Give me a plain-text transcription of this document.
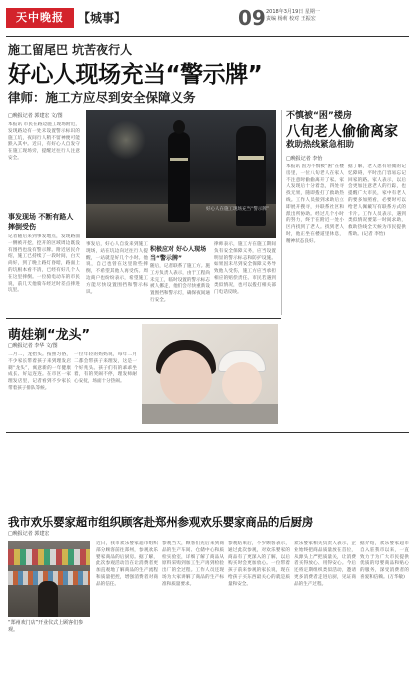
天中晚报	【城事】	09 2018年3月19日 星期一
责编 杨莉 校对 王振宏
施工留尾巴 坑苦夜行人
好心人现场充当“警示牌”
律师：施工方应尽到安全保障义务
□晚报记者 郭建宏 文/图
本报讯 市民在路边施工现场附近，发现路边有一处未设置警示标识的施工坑，夜间行人稍不留神便可能跌入其中。近日，有好心人自发守在施工现场旁，提醒过往行人注意安全。
事发现场 不断有路人摔倒受伤
记者随后来到事发地点，发现路面一侧被开挖，挖开的区域周边既没有围挡也没有警示牌。附近居民介绍，施工已持续了一段时间，白天尚好，到了晚上路灯昏暗，路面上的坑根本看不清，已经有好几个人在这里摔倒。一位骑电动车的市民说，前几天他骑车经过时差点摔进坑里。
好心人在施工现场充当“警示牌”
事发后，好心人自发来到施工现场，站在坑边向过往行人提醒，一站就是好几个小时。他说，自己也曾在这里险些摔倒，不希望其他人再受伤。周边商户也纷纷表示，希望施工方能尽快设置围挡和警示标识。
积极应对 好心人现场当“警示牌”
随后，记者联系了施工方。施工方负责人表示，由于工程尚未完工，临时设置的警示标志被人挪走，他们会尽快重新设置围挡和警示灯，确保夜间通行安全。
律师表示，施工方在施工期间负有安全保障义务，应当设置明显的警示标志和防护设施。如果因未尽到安全保障义务导致他人受伤，施工方应当承担相应的赔偿责任。市民若遇到类似情况，也可以拨打相关部门电话反映。
不慎被“困”楼房
八旬老人偷偷离家
救助热线紧急相助
□晚报记者 李怡
本报讯 因为不慎被“困”在楼房里，一位八旬老人在家人不注意时偷偷离开了家。家人发现后十分着急，四处寻找无果，随即拨打了救助热线。工作人员接到求助后立即展开搜寻，并联系社区和派出所协助。经过几个小时的努力，终于在附近一处小区内找到了老人。找到老人时，他正坐在楼道里休息，精神状态良好。
据了解，老人患有轻微的记忆障碍，平时出门容易忘记回家的路。家人表示，以后会更加注意老人的行踪，也提醒广大市民，家中有老人的要多加照看，必要时可以给老人佩戴写有联系方式的卡片。工作人员表示，遇到类似情况要第一时间求助，救助热线全天候为市民提供帮助。(记者 李怡)
萌娃剃“龙头”
□晚报记者 李华 文/图
二月二，龙抬头。按照习俗，不少家长带着孩子来到理发店剃“龙头”，寓意新的一年健康成长、好运连连。在市区一家理发店里，记者看到不少家长带着孩子排队等候。
一位年轻的妈妈说，每年二月二都会带孩子来理发，这是一个好兆头。孩子们有的乖乖坐着，有的哭闹不停，理发师耐心安抚，场面十分热闹。
我市欢乐婴家超市组织顾客赴郑州参观欢乐婴家商品的后厨房
□晚报记者 郭建宏
“郑州欢门店”开业仪式上顾客们参观。
近日，我市欢乐婴家超市组织部分顾客前往郑州，参观欢乐婴家商品的后厨房。据了解，此次参观活动旨在让消费者更加直观地了解商品的生产流程和质量把控，增强消费者对商品的信任。
参观当天，顾客们先后来到商品的生产车间、仓储中心和质检实验室，详细了解了商品从原料采购到加工生产再到检验出厂的全过程。工作人员还现场为大家讲解了商品的生产标准和质量要求。
参观结束后，不少顾客表示，通过此次参观，对欢乐婴家的商品有了更深入的了解，以后购买时会更加放心。一位带着孩子前来参观的家长说，现在给孩子买东西最关心的就是质量和安全。
欢乐婴家相关负责人表示，企业始终把商品质量放在首位，从源头上严把质量关，让消费者买得放心、用得安心。今后还将定期组织类似活动，邀请更多消费者走进后厨，见证商品的生产过程。
据介绍，欢乐婴家超市自入驻我市以来，一直致力于为广大市民提供优质的母婴商品和贴心的服务，深受消费者的喜爱和信赖。(万华敏)
